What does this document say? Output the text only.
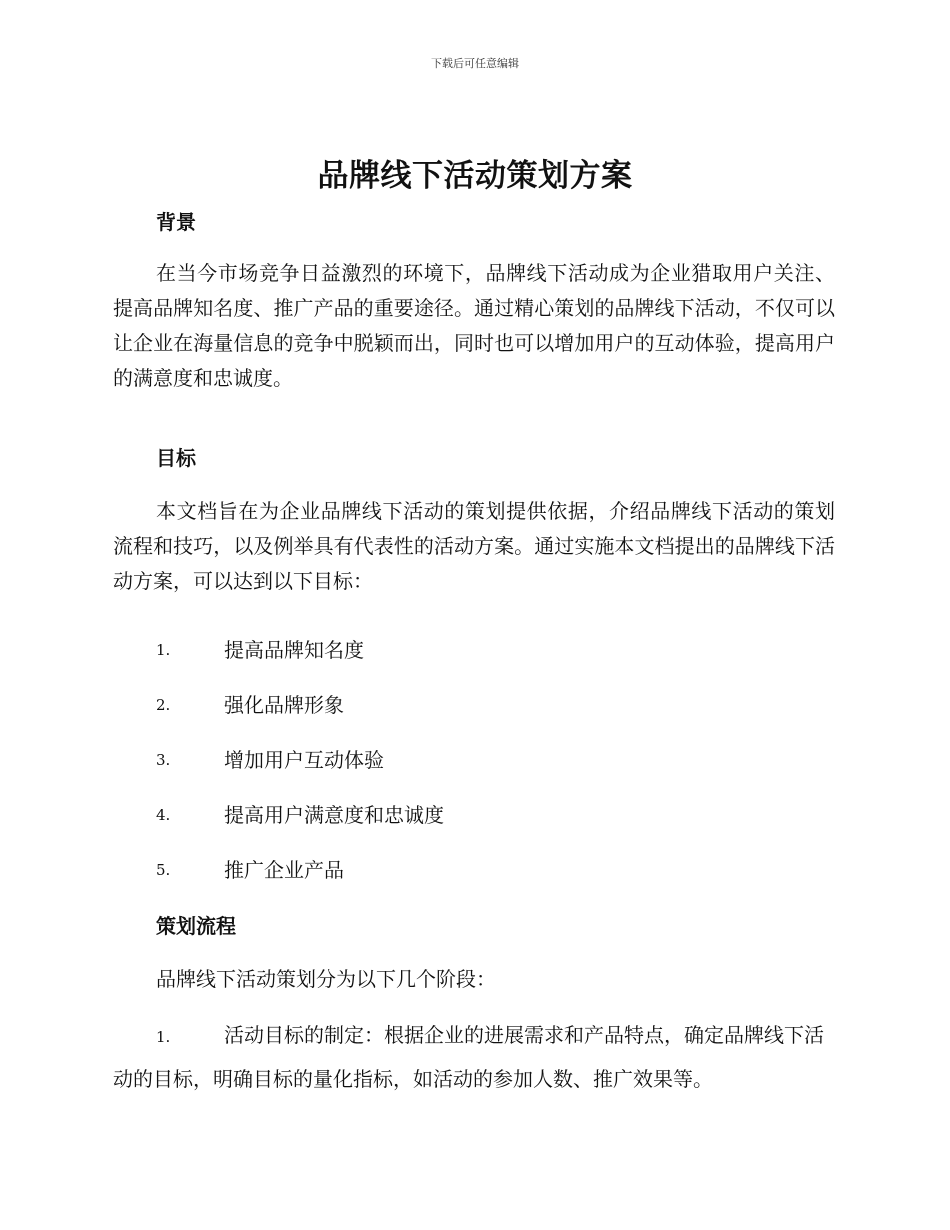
下载后可任意编辑
品牌线下活动策划方案
背景
在当今市场竞争日益激烈的环境下，品牌线下活动成为企业猎取用户关注、提高品牌知名度、推广产品的重要途径。通过精心策划的品牌线下活动，不仅可以让企业在海量信息的竞争中脱颖而出，同时也可以增加用户的互动体验，提高用户的满意度和忠诚度。
目标
本文档旨在为企业品牌线下活动的策划提供依据，介绍品牌线下活动的策划流程和技巧，以及例举具有代表性的活动方案。通过实施本文档提出的品牌线下活动方案，可以达到以下目标：
1.	提高品牌知名度
2.	强化品牌形象
3.	增加用户互动体验
4.	提高用户满意度和忠诚度
5.	推广企业产品
策划流程
品牌线下活动策划分为以下几个阶段：
1.	活动目标的制定：根据企业的进展需求和产品特点，确定品牌线下活动的目标，明确目标的量化指标，如活动的参加人数、推广效果等。
